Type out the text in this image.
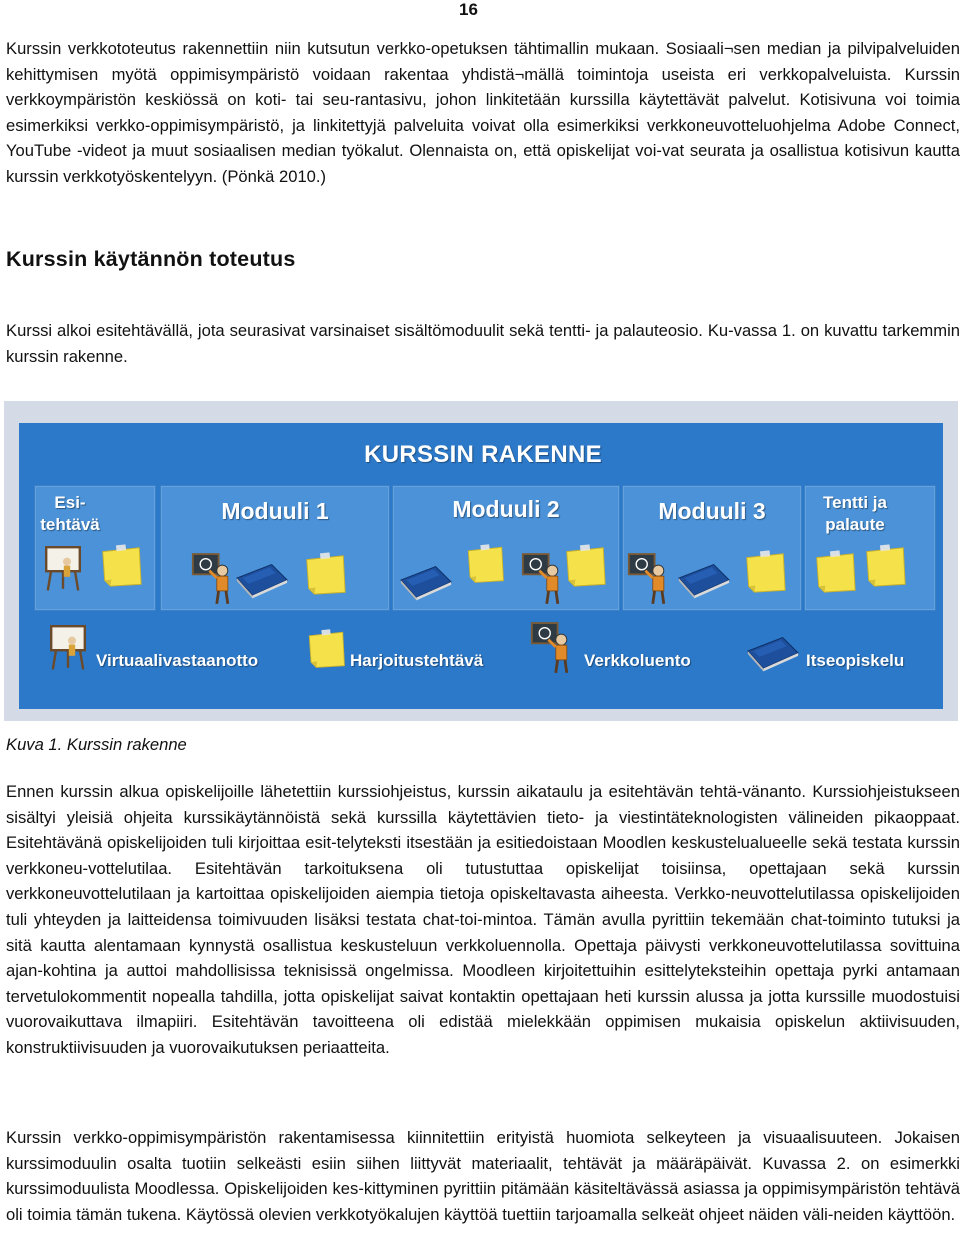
16

Kurssin verkkototeutus rakennettiin niin kutsutun verkko-opetuksen tähtimallin mukaan. Sosiaali¬sen median ja pilvipalveluiden kehittymisen myötä oppimisympäristö voidaan rakentaa yhdistä¬mällä toimintoja useista eri verkkopalveluista. Kurssin verkkoympäristön keskiössä on koti- tai seu-rantasivu, johon linkitetään kurssilla käytettävät palvelut. Kotisivuna voi toimia esimerkiksi verkko-oppimisympäristö, ja linkitettyjä palveluita voivat olla esimerkiksi verkkoneuvotteluohjelma Adobe Connect, YouTube -videot ja muut sosiaalisen median työkalut. Olennaista on, että opiskelijat voi-vat seurata ja osallistua kotisivun kautta kurssin verkkotyöskentelyyn. (Pönkä 2010.)

Kurssin käytännön toteutus

Kurssi alkoi esitehtävällä, jota seurasivat varsinaiset sisältömoduulit sekä tentti- ja palauteosio. Ku-vassa 1. on kuvattu tarkemmin kurssin rakenne.

KURSSIN RAKENNE
Esi-
tehtävä
Moduuli 1	Moduuli 2	Moduuli 3	Tentti ja
palaute
Virtuaalivastaanotto	Harjoitustehtävä	Verkkoluento	Itseopiskelu

Kuva 1. Kurssin rakenne

Ennen kurssin alkua opiskelijoille lähetettiin kurssiohjeistus, kurssin aikataulu ja esitehtävän tehtä-vänanto. Kurssiohjeistukseen sisältyi yleisiä ohjeita kurssikäytännöistä sekä kurssilla käytettävien tieto- ja viestintäteknologisten välineiden pikaoppaat. Esitehtävänä opiskelijoiden tuli kirjoittaa esit-telyteksti itsestään ja esitiedoistaan Moodlen keskustelualueelle sekä testata kurssin verkkoneu-vottelutilaa. Esitehtävän tarkoituksena oli tutustuttaa opiskelijat toisiinsa, opettajaan sekä kurssin verkkoneuvottelutilaan ja kartoittaa opiskelijoiden aiempia tietoja opiskeltavasta aiheesta. Verkko-neuvottelutilassa opiskelijoiden tuli yhteyden ja laitteidensa toimivuuden lisäksi testata chat-toi-mintoa. Tämän avulla pyrittiin tekemään chat-toiminto tutuksi ja sitä kautta alentamaan kynnystä osallistua keskusteluun verkkoluennolla. Opettaja päivysti verkkoneuvottelutilassa sovittuina ajan-kohtina ja auttoi mahdollisissa teknisissä ongelmissa. Moodleen kirjoitettuihin esittelyteksteihin opettaja pyrki antamaan tervetulokommentit nopealla tahdilla, jotta opiskelijat saivat kontaktin opettajaan heti kurssin alussa ja jotta kurssille muodostuisi vuorovaikuttava ilmapiiri. Esitehtävän tavoitteena oli edistää mielekkään oppimisen mukaisia opiskelun aktiivisuuden, konstruktiivisuuden ja vuorovaikutuksen periaatteita.

Kurssin verkko-oppimisympäristön rakentamisessa kiinnitettiin erityistä huomiota selkeyteen ja visuaalisuuteen. Jokaisen kurssimoduulin osalta tuotiin selkeästi esiin siihen liittyvät materiaalit, tehtävät ja määräpäivät. Kuvassa 2. on esimerkki kurssimoduulista Moodlessa. Opiskelijoiden kes-kittyminen pyrittiin pitämään käsiteltävässä asiassa ja oppimisympäristön tehtävä oli toimia tämän tukena. Käytössä olevien verkkotyökalujen käyttöä tuettiin tarjoamalla selkeät ohjeet näiden väli-neiden käyttöön.
